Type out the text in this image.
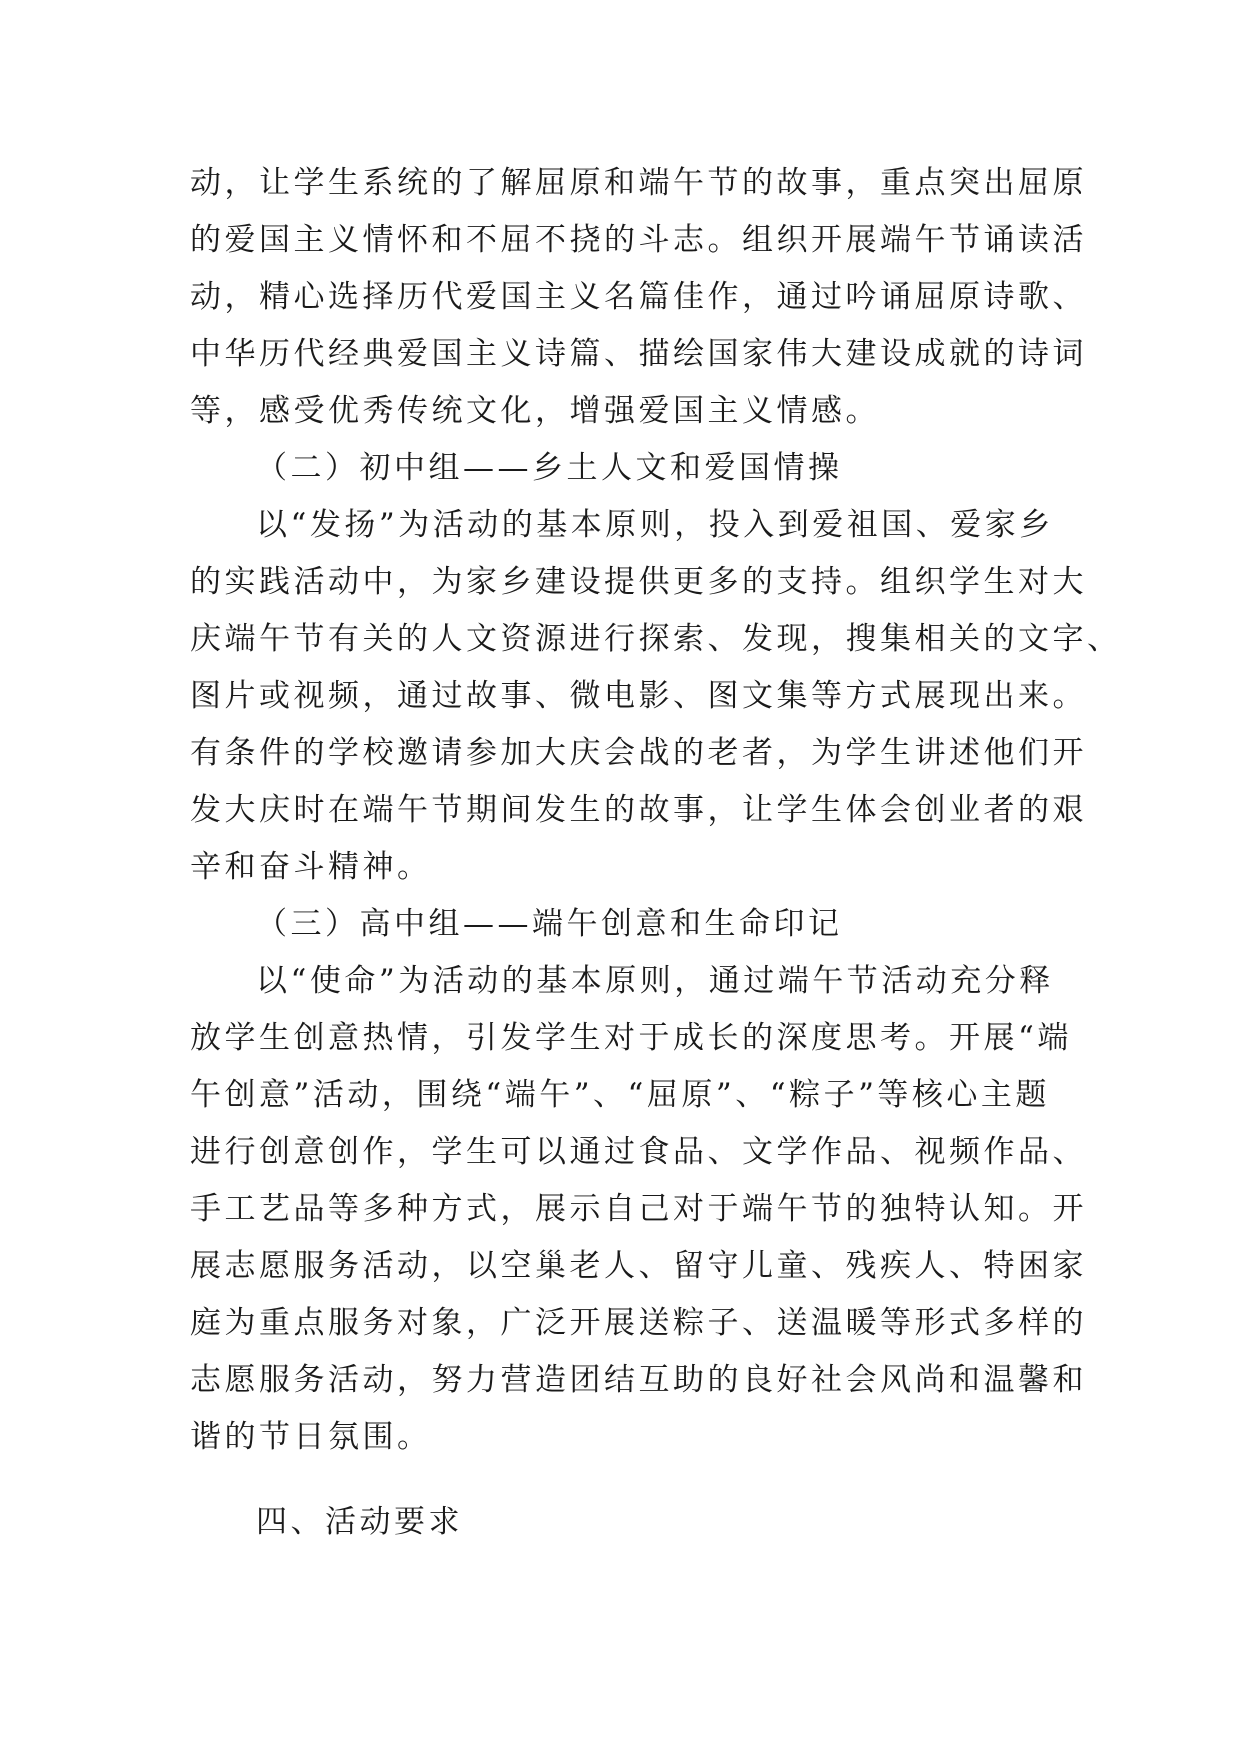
动，让学生系统的了解屈原和端午节的故事，重点突出屈原
的爱国主义情怀和不屈不挠的斗志。组织开展端午节诵读活
动，精心选择历代爱国主义名篇佳作，通过吟诵屈原诗歌、
中华历代经典爱国主义诗篇、描绘国家伟大建设成就的诗词
等，感受优秀传统文化，增强爱国主义情感。
（二）初中组——乡土人文和爱国情操
以“发扬”为活动的基本原则，投入到爱祖国、爱家乡
的实践活动中，为家乡建设提供更多的支持。组织学生对大
庆端午节有关的人文资源进行探索、发现，搜集相关的文字、
图片或视频，通过故事、微电影、图文集等方式展现出来。
有条件的学校邀请参加大庆会战的老者，为学生讲述他们开
发大庆时在端午节期间发生的故事，让学生体会创业者的艰
辛和奋斗精神。
（三）高中组——端午创意和生命印记
以“使命”为活动的基本原则，通过端午节活动充分释
放学生创意热情，引发学生对于成长的深度思考。开展“端
午创意”活动，围绕“端午”、“屈原”、“粽子”等核心主题
进行创意创作，学生可以通过食品、文学作品、视频作品、
手工艺品等多种方式，展示自己对于端午节的独特认知。开
展志愿服务活动，以空巢老人、留守儿童、残疾人、特困家
庭为重点服务对象，广泛开展送粽子、送温暖等形式多样的
志愿服务活动，努力营造团结互助的良好社会风尚和温馨和
谐的节日氛围。
四、活动要求
